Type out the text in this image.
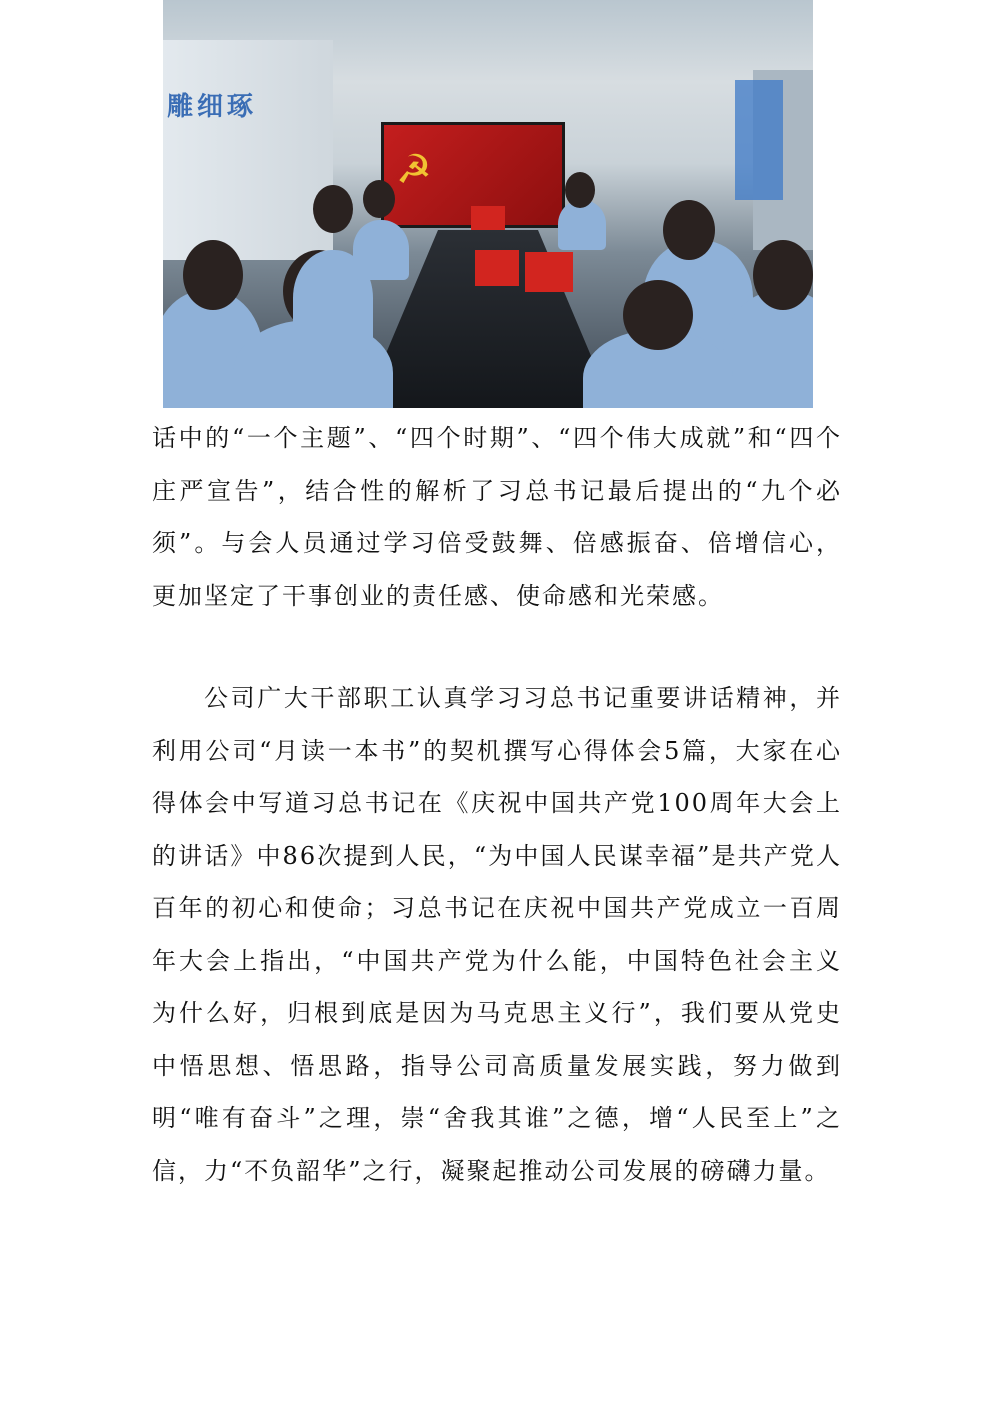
雕细琢
☭

话中的“一个主题”、“四个时期”、“四个伟大成就”和“四个庄严宣告”，结合性的解析了习总书记最后提出的“九个必须”。与会人员通过学习倍受鼓舞、倍感振奋、倍增信心，更加坚定了干事创业的责任感、使命感和光荣感。

公司广大干部职工认真学习习总书记重要讲话精神，并利用公司“月读一本书”的契机撰写心得体会5篇，大家在心得体会中写道习总书记在《庆祝中国共产党100周年大会上的讲话》中86次提到人民，“为中国人民谋幸福”是共产党人百年的初心和使命；习总书记在庆祝中国共产党成立一百周年大会上指出，“中国共产党为什么能，中国特色社会主义为什么好，归根到底是因为马克思主义行”，我们要从党史中悟思想、悟思路，指导公司高质量发展实践，努力做到明“唯有奋斗”之理，崇“舍我其谁”之德，增“人民至上”之信，力“不负韶华”之行，凝聚起推动公司发展的磅礴力量。
